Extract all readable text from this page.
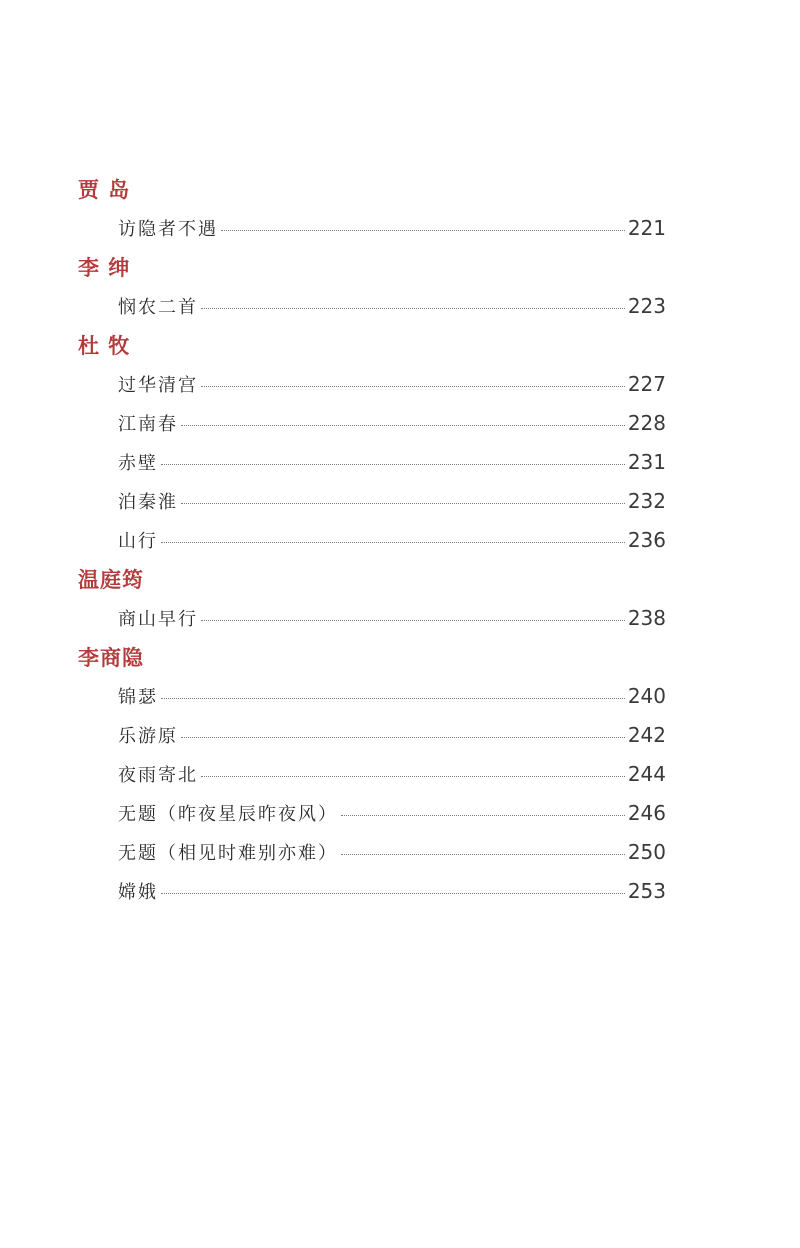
贾 岛
访隐者不遇	221
李 绅
悯农二首	223
杜 牧
过华清宫	227
江南春	228
赤壁	231
泊秦淮	232
山行	236
温庭筠
商山早行	238
李商隐
锦瑟	240
乐游原	242
夜雨寄北	244
无题（昨夜星辰昨夜风）	246
无题（相见时难别亦难）	250
嫦娥	253
